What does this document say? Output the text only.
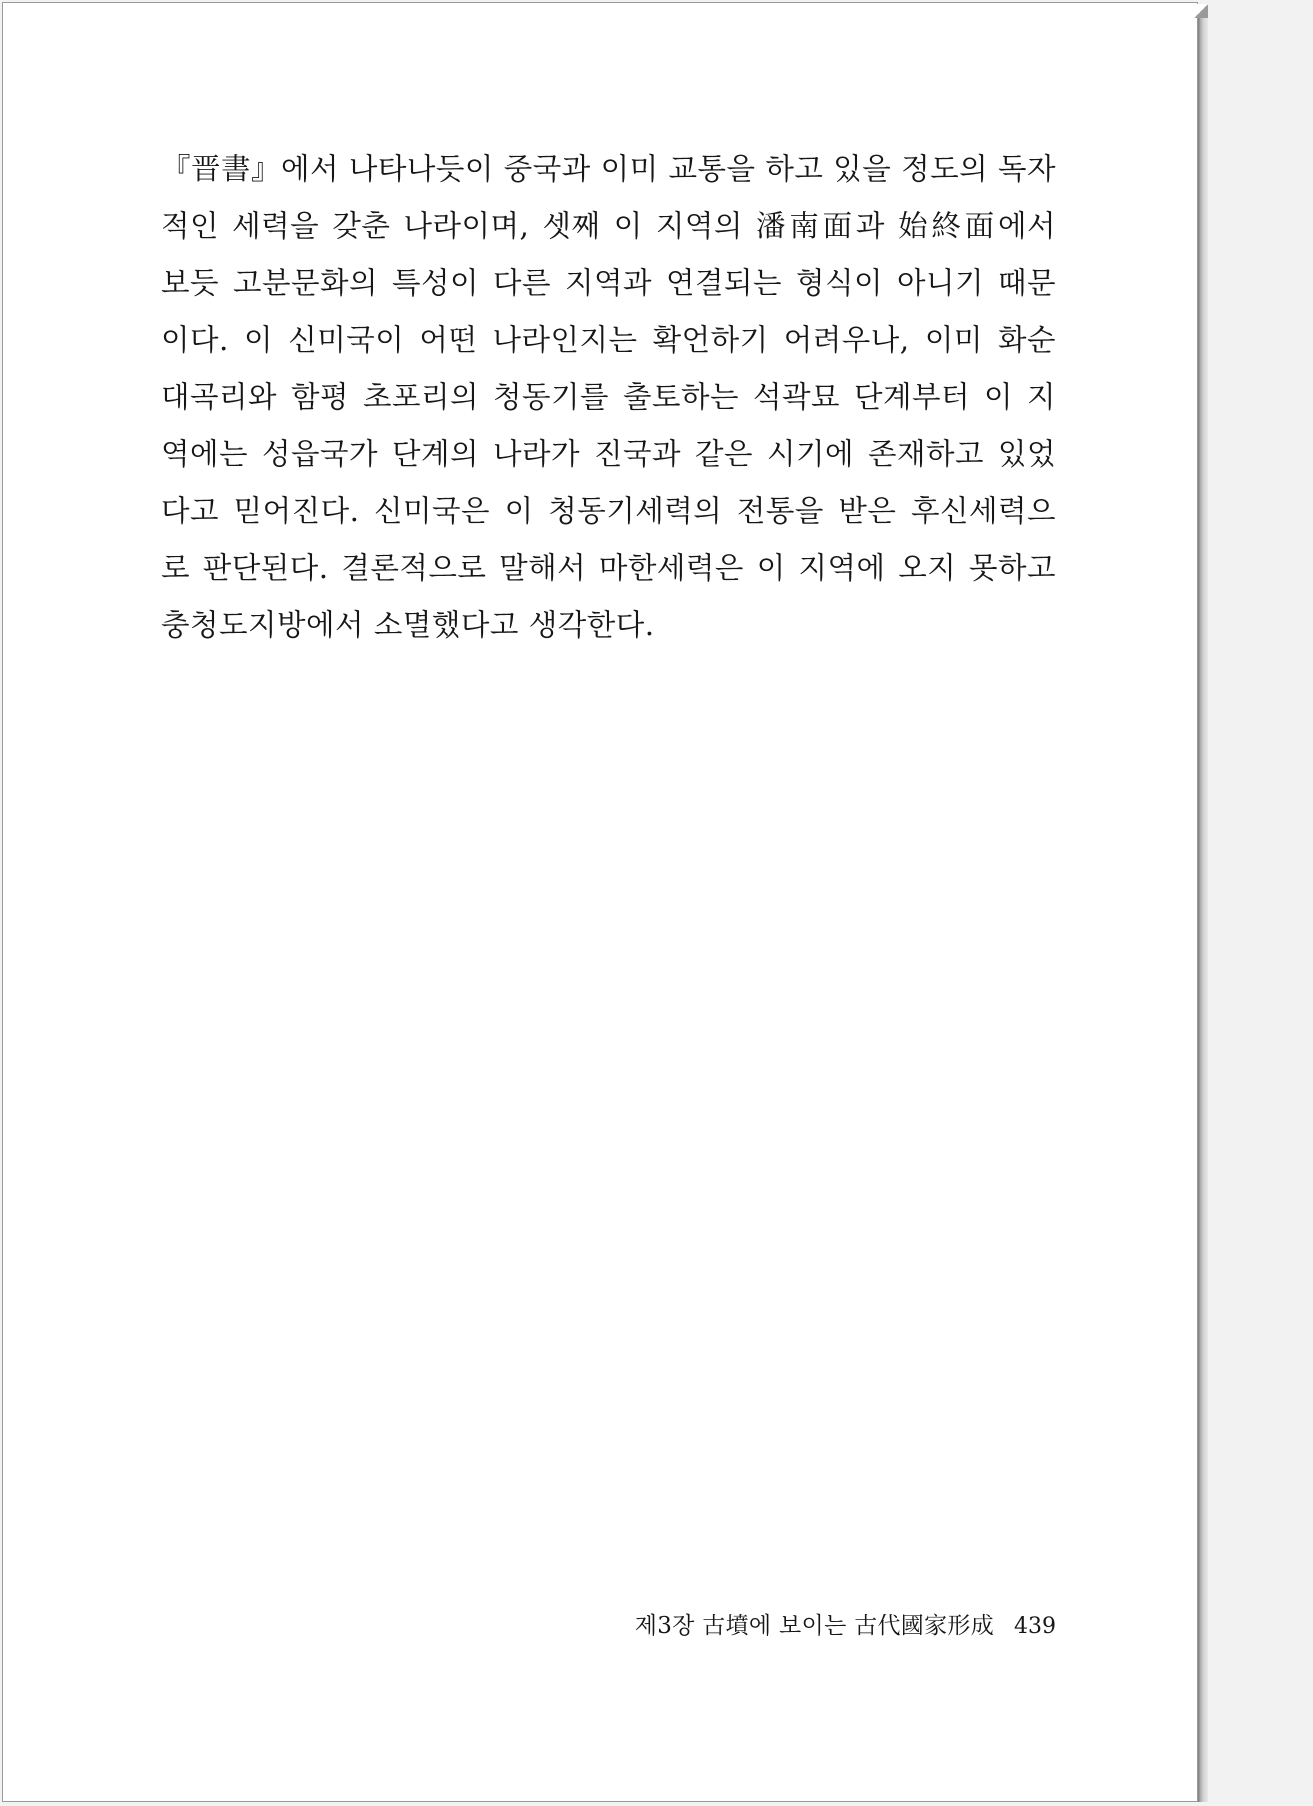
『晋書』에서 나타나듯이 중국과 이미 교통을 하고 있을 정도의 독자
적인 세력을 갖춘 나라이며, 셋째 이 지역의 潘南面과 始終面에서
보듯 고분문화의 특성이 다른 지역과 연결되는 형식이 아니기 때문
이다. 이 신미국이 어떤 나라인지는 확언하기 어려우나, 이미 화순
대곡리와 함평 초포리의 청동기를 출토하는 석곽묘 단계부터 이 지
역에는 성읍국가 단계의 나라가 진국과 같은 시기에 존재하고 있었
다고 믿어진다. 신미국은 이 청동기세력의 전통을 받은 후신세력으
로 판단된다. 결론적으로 말해서 마한세력은 이 지역에 오지 못하고
충청도지방에서 소멸했다고 생각한다.
제3장 古墳에 보이는 古代國家形成 439
